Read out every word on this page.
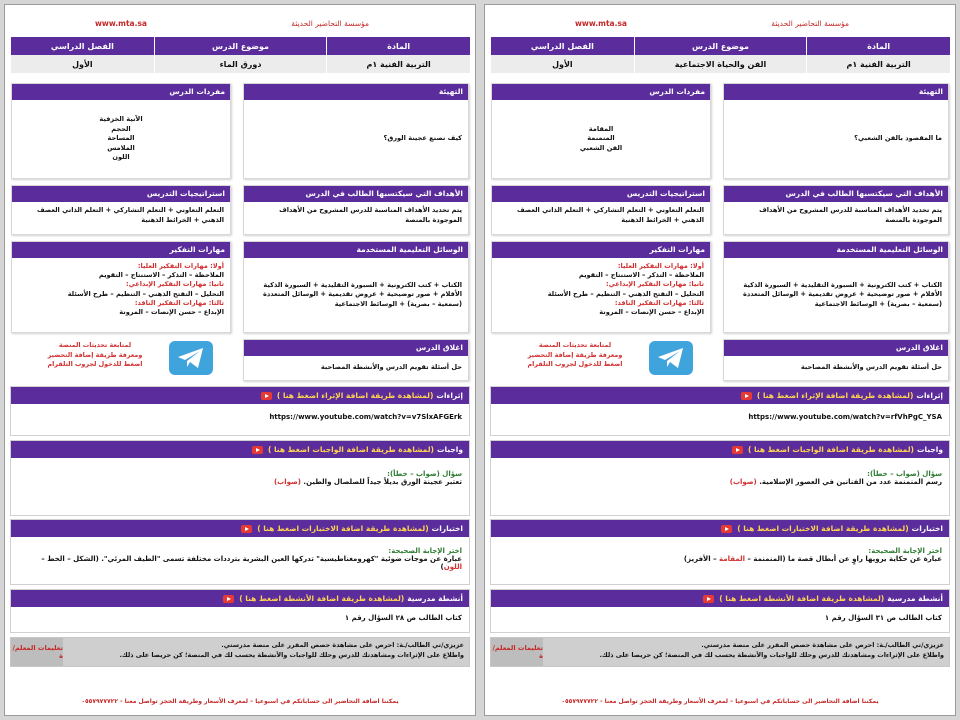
مؤسسة التحاضير الحديثة
www.mta.sa
المادة
موضوع الدرس
الفصل الدراسي
التربية الفنية ١م
دورق الماء
الأول
التهيئة
كيف نصنع عجينة الورق؟
مفردات الدرس
الآنية الخزفية
الحجم
المساحة
الملامس
اللون
الأهداف التي سيكتسبها الطالب في الدرس
يتم تحديد الأهداف المناسبة للدرس المشروح من الأهداف الموجودة بالمنصة
استراتيجيات التدريس
التعلم التعاوني + التعلم التشاركي + التعلم الذاتي العصف الذهني + الخرائط الذهنية
الوسائل التعليمية المستخدمة
الكتاب + كتب الكترونية + السبورة التقليدية + السبورة الذكية الأقلام + صور توضيحية + عروض تقديمية + الوسائل المتعددة (سمعية – بصرية) + الوسائط الاجتماعية
مهارات التفكير
أولا: مهارات التفكير العليا:
الملاحظة – التذكر – الاستنتاج – التقويم
ثانيا: مهارات التفكير الإبداعي:
التحليل – التفتح الذهني – التنظيم – طرح الأسئلة
ثالثا: مهارات التفكير الناقد:
الإبداع – حسن الإنصات – المرونة
اغلاق الدرس
حل أسئلة تقويم الدرس والأنشطة المصاحبة
لمتابعة تحديثات المنصة
ومعرفة طريقة إضافة التحضير
اضغط للدخول لجروب التلقرام
إثراءات
(لمشاهدة طريقة اضافة الإثراء اضغط هنا )
https://www.youtube.com/watch?v=v7SlxAFGErk
واجبات
(لمشاهدة طريقة اضافة الواجبات اضغط هنا )
سؤال (صواب – خطأ):
تعتبر عجينة الورق بديلاً جيداً للصلصال والطين. (صواب)
اختبارات
(لمشاهدة طريقة اضافة الاختبارات اضغط هنا )
اختر الإجابة الصحيحة:
عبارة عن موجات ضوئية "كهرومغناطيسية" تدركها العين البشرية بترددات مختلفة تسمى "الطيف المرئي". (الشكل – الخط – اللون)
أنشطة مدرسية
(لمشاهدة طريقة اضافة الأنشطة اضغط هنا )
كتاب الطالب ص ٢٨ السؤال رقم ١
عزيزي/تي الطالب/ـة: احرص على مشاهدة حصص المقرر على منصة مدرستي.
واطلاع على الإثراءات ومشاهدتك للدرس وحلك للواجبات والأنشطة يحسب لك في المنصة؛ كن حريصا على ذلك.
تعليمات المعلم/ة
يمكننا اضافة التحاضير الى حساباتكم في اسبوعيا – لمعرف الأسعار وطريقة الحجز تواصل معنا - ٠٥٥٧٩٧٧٧٢٢
مؤسسة التحاضير الحديثة
www.mta.sa
المادة
موضوع الدرس
الفصل الدراسي
التربية الفنية ١م
الفن والحياة الاجتماعية
الأول
التهيئة
ما المقصود بالفن الشعبي؟
مفردات الدرس
المقامة
المنمنمة
الفن الشعبي
الأهداف التي سيكتسبها الطالب في الدرس
يتم تحديد الأهداف المناسبة للدرس المشروح من الأهداف الموجودة بالمنصة
استراتيجيات التدريس
التعلم التعاوني + التعلم التشاركي + التعلم الذاتي العصف الذهني + الخرائط الذهنية
الوسائل التعليمية المستخدمة
الكتاب + كتب الكترونية + السبورة التقليدية + السبورة الذكية الأقلام + صور توضيحية + عروض تقديمية + الوسائل المتعددة (سمعية – بصرية) + الوسائط الاجتماعية
مهارات التفكير
أولا: مهارات التفكير العليا:
الملاحظة – التذكر – الاستنتاج – التقويم
ثانيا: مهارات التفكير الإبداعي:
التحليل – التفتح الذهني – التنظيم – طرح الأسئلة
ثالثا: مهارات التفكير الناقد:
الإبداع – حسن الإنصات – المرونة
اغلاق الدرس
حل أسئلة تقويم الدرس والأنشطة المصاحبة
لمتابعة تحديثات المنصة
ومعرفة طريقة إضافة التحضير
اضغط للدخول لجروب التلقرام
إثراءات
(لمشاهدة طريقة اضافة الإثراء اضغط هنا )
https://www.youtube.com/watch?v=rfVhPgC_YSA
واجبات
(لمشاهدة طريقة اضافة الواجبات اضغط هنا )
سؤال (صواب – خطأ):
رسم المنمنمة عدد من الفنانين في العصور الإسلامية. (صواب)
اختبارات
(لمشاهدة طريقة اضافة الاختبارات اضغط هنا )
اختر الإجابة الصحيحة:
عبارة عن حكاية يرويها راوٍ عن أبطال قصة ما (المنمنمة – المقامة – الأفريز)
أنشطة مدرسية
(لمشاهدة طريقة اضافة الأنشطة اضغط هنا )
كتاب الطالب ص ٣١ السؤال رقم ١
عزيزي/تي الطالب/ـة: احرص على مشاهدة حصص المقرر على منصة مدرستي.
واطلاع على الإثراءات ومشاهدتك للدرس وحلك للواجبات والأنشطة يحسب لك في المنصة؛ كن حريصا على ذلك.
تعليمات المعلم/ة
يمكننا اضافة التحاضير الى حساباتكم في اسبوعيا – لمعرف الأسعار وطريقة الحجز تواصل معنا - ٠٥٥٧٩٧٧٧٢٢
